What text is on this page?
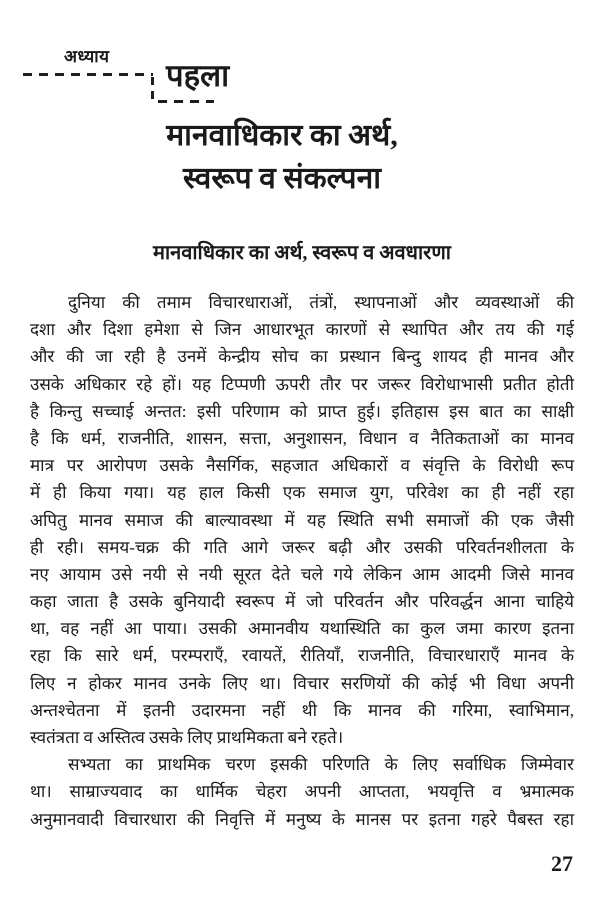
अध्याय
पहला
मानवाधिकार का अर्थ,
स्वरूप व संकल्पना
मानवाधिकार का अर्थ, स्वरूप व अवधारणा
दुनिया की तमाम विचारधाराओं, तंत्रों, स्थापनाओं और व्यवस्थाओं की
दशा और दिशा हमेशा से जिन आधारभूत कारणों से स्थापित और तय की गई
और की जा रही है उनमें केन्द्रीय सोच का प्रस्थान बिन्दु शायद ही मानव और
उसके अधिकार रहे हों। यह टिप्पणी ऊपरी तौर पर जरूर विरोधाभासी प्रतीत होती
है किन्तु सच्चाई अन्तत: इसी परिणाम को प्राप्त हुई। इतिहास इस बात का साक्षी
है कि धर्म, राजनीति, शासन, सत्ता, अनुशासन, विधान व नैतिकताओं का मानव
मात्र पर आरोपण उसके नैसर्गिक, सहजात अधिकारों व संवृत्ति के विरोधी रूप
में ही किया गया। यह हाल किसी एक समाज युग, परिवेश का ही नहीं रहा
अपितु मानव समाज की बाल्यावस्था में यह स्थिति सभी समाजों की एक जैसी
ही रही। समय-चक्र की गति आगे जरूर बढ़ी और उसकी परिवर्तनशीलता के
नए आयाम उसे नयी से नयी सूरत देते चले गये लेकिन आम आदमी जिसे मानव
कहा जाता है उसके बुनियादी स्वरूप में जो परिवर्तन और परिवर्द्धन आना चाहिये
था, वह नहीं आ पाया। उसकी अमानवीय यथास्थिति का कुल जमा कारण इतना
रहा कि सारे धर्म, परम्पराएँ, रवायतें, रीतियाँ, राजनीति, विचारधाराएँ मानव के
लिए न होकर मानव उनके लिए था। विचार सरणियों की कोई भी विधा अपनी
अन्तश्चेतना में इतनी उदारमना नहीं थी कि मानव की गरिमा, स्वाभिमान,
स्वतंत्रता व अस्तित्व उसके लिए प्राथमिकता बने रहते।
सभ्यता का प्राथमिक चरण इसकी परिणति के लिए सर्वाधिक जिम्मेवार
था। साम्राज्यवाद का धार्मिक चेहरा अपनी आप्तता, भयवृत्ति व भ्रमात्मक
अनुमानवादी विचारधारा की निवृत्ति में मनुष्य के मानस पर इतना गहरे पैबस्त रहा
27
